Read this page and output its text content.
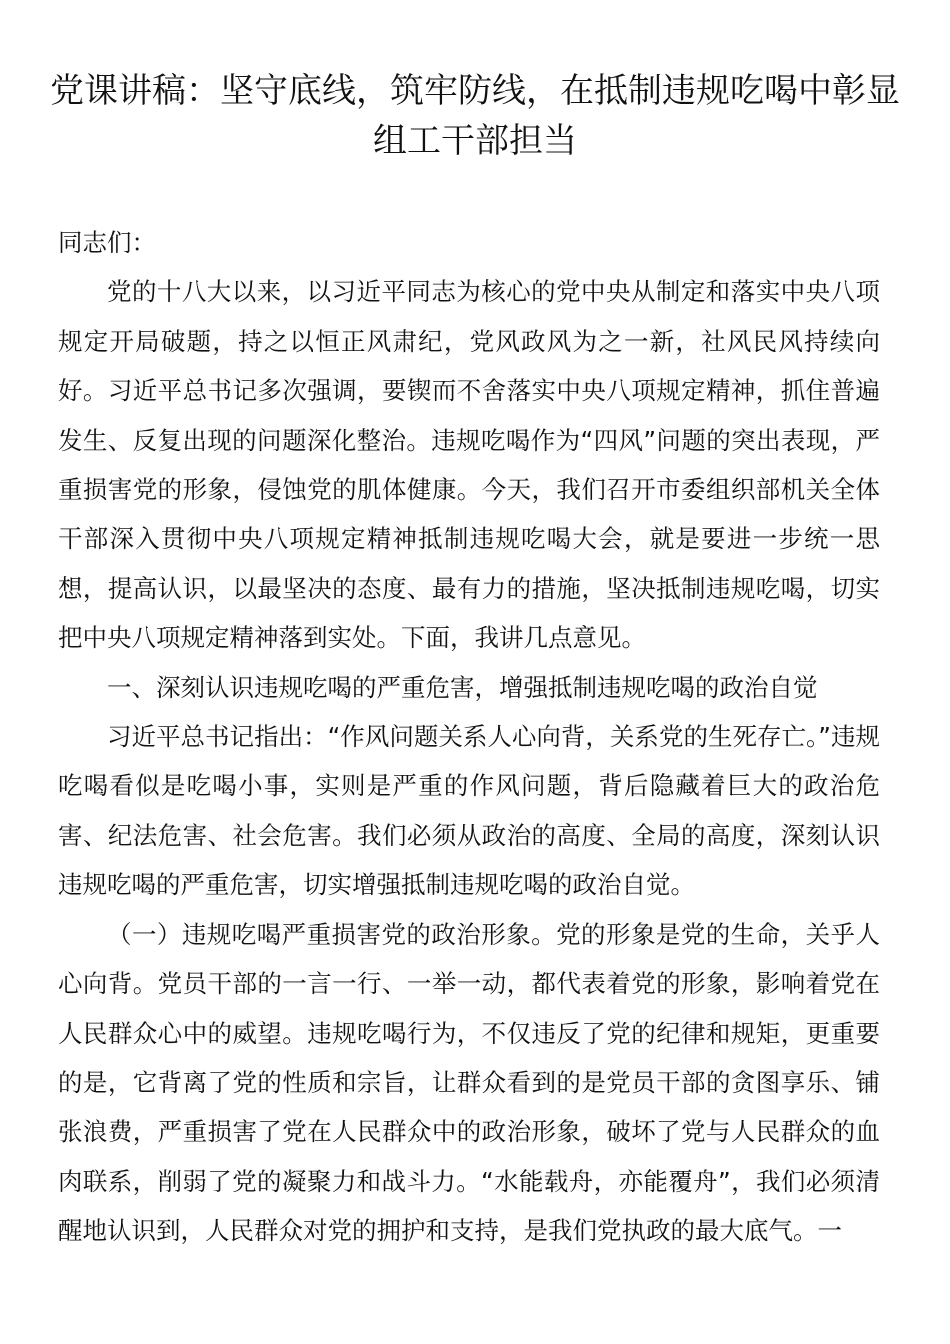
党课讲稿：坚守底线，筑牢防线，在抵制违规吃喝中彰显组工干部担当

同志们：

党的十八大以来，以习近平同志为核心的党中央从制定和落实中央八项规定开局破题，持之以恒正风肃纪，党风政风为之一新，社风民风持续向好。习近平总书记多次强调，要锲而不舍落实中央八项规定精神，抓住普遍发生、反复出现的问题深化整治。违规吃喝作为“四风”问题的突出表现，严重损害党的形象，侵蚀党的肌体健康。今天，我们召开市委组织部机关全体干部深入贯彻中央八项规定精神抵制违规吃喝大会，就是要进一步统一思想，提高认识，以最坚决的态度、最有力的措施，坚决抵制违规吃喝，切实把中央八项规定精神落到实处。下面，我讲几点意见。

一、深刻认识违规吃喝的严重危害，增强抵制违规吃喝的政治自觉

习近平总书记指出：“作风问题关系人心向背，关系党的生死存亡。”违规吃喝看似是吃喝小事，实则是严重的作风问题，背后隐藏着巨大的政治危害、纪法危害、社会危害。我们必须从政治的高度、全局的高度，深刻认识违规吃喝的严重危害，切实增强抵制违规吃喝的政治自觉。

（一）违规吃喝严重损害党的政治形象。党的形象是党的生命，关乎人心向背。党员干部的一言一行、一举一动，都代表着党的形象，影响着党在人民群众心中的威望。违规吃喝行为，不仅违反了党的纪律和规矩，更重要的是，它背离了党的性质和宗旨，让群众看到的是党员干部的贪图享乐、铺张浪费，严重损害了党在人民群众中的政治形象，破坏了党与人民群众的血肉联系，削弱了党的凝聚力和战斗力。“水能载舟，亦能覆舟”，我们必须清醒地认识到，人民群众对党的拥护和支持，是我们党执政的最大底气。一
